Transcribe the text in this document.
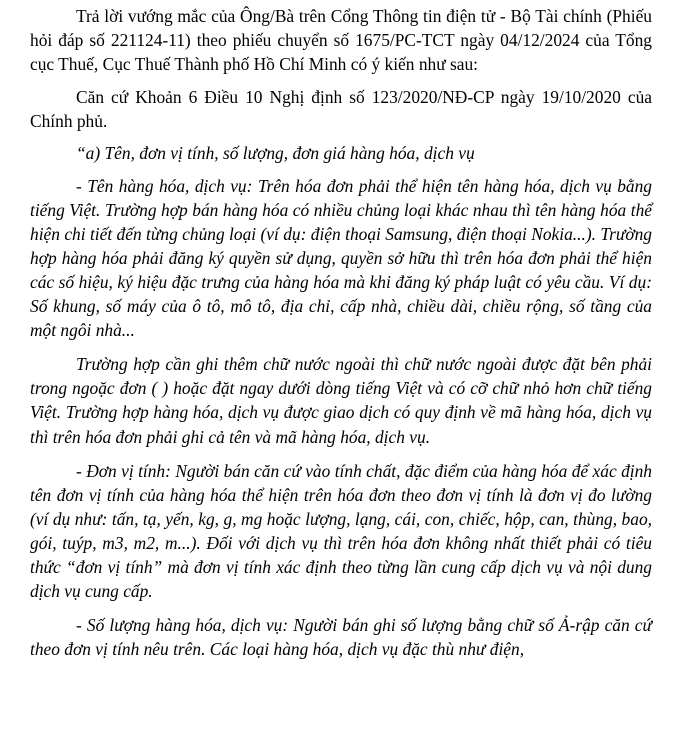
Trả lời vướng mắc của Ông/Bà trên Cổng Thông tin điện tử - Bộ Tài chính (Phiếu hỏi đáp số 221124-11) theo phiếu chuyển số 1675/PC-TCT ngày 04/12/2024 của Tổng cục Thuế, Cục Thuế Thành phố Hồ Chí Minh có ý kiến như sau:

Căn cứ Khoản 6 Điều 10 Nghị định số 123/2020/NĐ-CP ngày 19/10/2020 của Chính phủ.

“a) Tên, đơn vị tính, số lượng, đơn giá hàng hóa, dịch vụ

- Tên hàng hóa, dịch vụ: Trên hóa đơn phải thể hiện tên hàng hóa, dịch vụ bằng tiếng Việt. Trường hợp bán hàng hóa có nhiều chủng loại khác nhau thì tên hàng hóa thể hiện chi tiết đến từng chủng loại (ví dụ: điện thoại Samsung, điện thoại Nokia...). Trường hợp hàng hóa phải đăng ký quyền sử dụng, quyền sở hữu thì trên hóa đơn phải thể hiện các số hiệu, ký hiệu đặc trưng của hàng hóa mà khi đăng ký pháp luật có yêu cầu. Ví dụ: Số khung, số máy của ô tô, mô tô, địa chỉ, cấp nhà, chiều dài, chiều rộng, số tầng của một ngôi nhà...

Trường hợp cần ghi thêm chữ nước ngoài thì chữ nước ngoài được đặt bên phải trong ngoặc đơn ( ) hoặc đặt ngay dưới dòng tiếng Việt và có cỡ chữ nhỏ hơn chữ tiếng Việt. Trường hợp hàng hóa, dịch vụ được giao dịch có quy định về mã hàng hóa, dịch vụ thì trên hóa đơn phải ghi cả tên và mã hàng hóa, dịch vụ.

- Đơn vị tính: Người bán căn cứ vào tính chất, đặc điểm của hàng hóa để xác định tên đơn vị tính của hàng hóa thể hiện trên hóa đơn theo đơn vị tính là đơn vị đo lường (ví dụ như: tấn, tạ, yến, kg, g, mg hoặc lượng, lạng, cái, con, chiếc, hộp, can, thùng, bao, gói, tuýp, m3, m2, m...). Đối với dịch vụ thì trên hóa đơn không nhất thiết phải có tiêu thức “đơn vị tính” mà đơn vị tính xác định theo từng lần cung cấp dịch vụ và nội dung dịch vụ cung cấp.

- Số lượng hàng hóa, dịch vụ: Người bán ghi số lượng bằng chữ số Ả-rập căn cứ theo đơn vị tính nêu trên. Các loại hàng hóa, dịch vụ đặc thù như điện,
